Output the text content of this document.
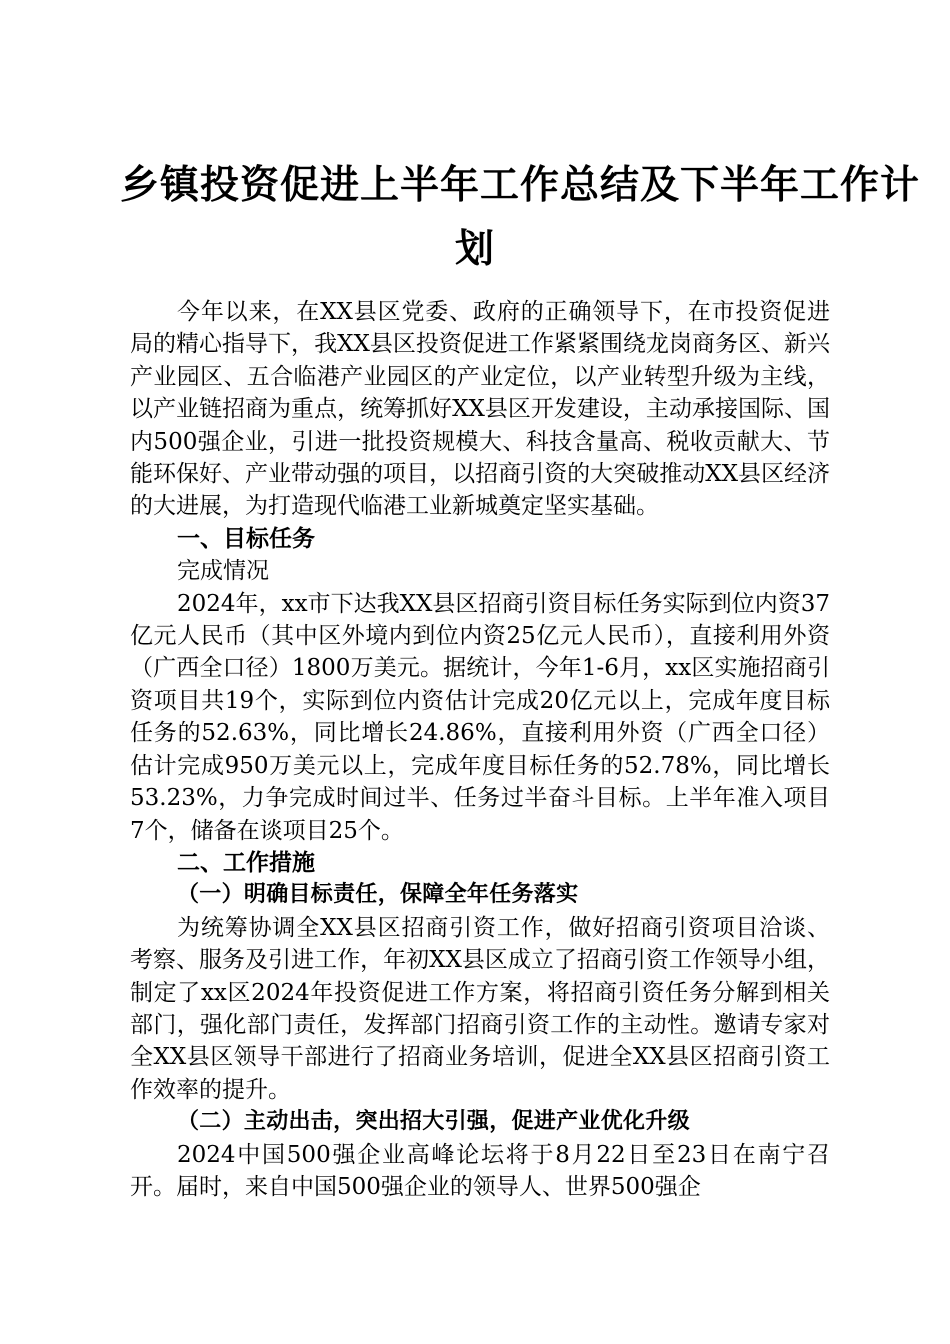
乡镇投资促进上半年工作总结及下半年工作计
划

今年以来，在XX县区党委、政府的正确领导下，在市投资促进局的精心指导下，我XX县区投资促进工作紧紧围绕龙岗商务区、新兴产业园区、五合临港产业园区的产业定位，以产业转型升级为主线，以产业链招商为重点，统筹抓好XX县区开发建设，主动承接国际、国内500强企业，引进一批投资规模大、科技含量高、税收贡献大、节能环保好、产业带动强的项目，以招商引资的大突破推动XX县区经济的大进展，为打造现代临港工业新城奠定坚实基础。

一、目标任务

完成情况

2024年，xx市下达我XX县区招商引资目标任务实际到位内资37亿元人民币（其中区外境内到位内资25亿元人民币），直接利用外资（广西全口径）1800万美元。据统计，今年1-6月，xx区实施招商引资项目共19个，实际到位内资估计完成20亿元以上，完成年度目标任务的52.63%，同比增长24.86%，直接利用外资（广西全口径）估计完成950万美元以上，完成年度目标任务的52.78%，同比增长53.23%，力争完成时间过半、任务过半奋斗目标。上半年准入项目7个，储备在谈项目25个。

二、工作措施

（一）明确目标责任，保障全年任务落实

为统筹协调全XX县区招商引资工作，做好招商引资项目洽谈、考察、服务及引进工作，年初XX县区成立了招商引资工作领导小组，制定了xx区2024年投资促进工作方案，将招商引资任务分解到相关部门，强化部门责任，发挥部门招商引资工作的主动性。邀请专家对全XX县区领导干部进行了招商业务培训，促进全XX县区招商引资工作效率的提升。

（二）主动出击，突出招大引强，促进产业优化升级

2024中国500强企业高峰论坛将于8月22日至23日在南宁召开。届时，来自中国500强企业的领导人、世界500强企
